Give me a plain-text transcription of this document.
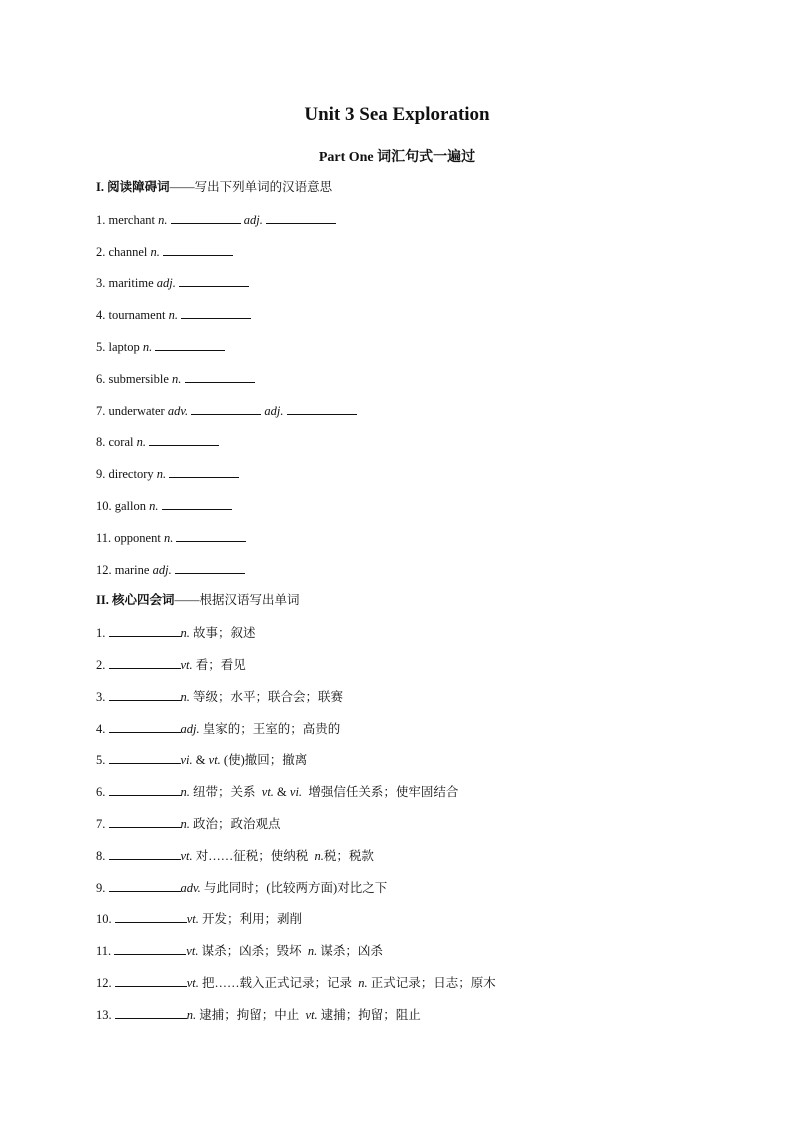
Unit 3 Sea Exploration
Part One 词汇句式一遍过
I. 阅读障碍词——写出下列单词的汉语意思
1. merchant n.	adj.
2. channel n.
3. maritime adj.
4. tournament n.
5. laptop n.
6. submersible n.
7. underwater adv.	adj.
8. coral n.
9. directory n.
10. gallon n.
11. opponent n.
12. marine adj.
II. 核心四会词——根据汉语写出单词
1.	n. 故事；叙述
2.	vt. 看；看见
3.	n. 等级；水平；联合会；联赛
4.	adj. 皇家的；王室的；高贵的
5.	vi. & vt. (使)撤回；撤离
6.	n. 纽带；关系  vt. & vi.  增强信任关系；使牢固结合
7.	n. 政治；政治观点
8.	vt. 对……征税；使纳税  n.税；税款
9.	adv. 与此同时；(比较两方面)对比之下
10.	vt. 开发；利用；剥削
11.	vt. 谋杀；凶杀；毁坏  n. 谋杀；凶杀
12.	vt. 把……载入正式记录；记录  n. 正式记录；日志；原木
13.	n. 逮捕；拘留；中止  vt. 逮捕；拘留；阻止
